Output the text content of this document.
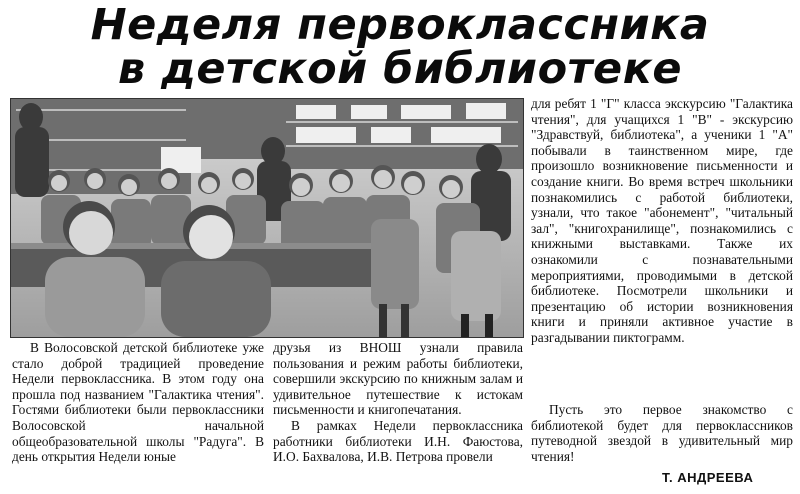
Неделя первоклассника
в детской библиотеке

для ребят 1 "Г" класса экскурсию "Галактика чтения", для учащихся 1 "В" - экскурсию "Здравствуй, библиотека", а ученики 1 "А" побывали в таинственном мире, где произошло возникновение письменности и создание книги. Во время встреч школьники познакомились с работой библиотеки, узнали, что такое "абонемент", "читальный зал", "книгохранилище", познакомились с книжными выставками. Также их ознакомили с познавательными мероприятиями, проводимыми в детской библиотеке. Посмотрели школьники и презентацию об истории возникновения книги и приняли активное участие в разгадывании пиктограмм.

Пусть это первое знакомство с библиотекой будет для первоклассников путеводной звездой в удивительный мир чтения!

В Волосовской детской библиотеке уже стало доброй традицией проведение Недели первоклассника. В этом году она прошла под названием "Галактика чтения". Гостями библиотеки были первоклассники Волосовской начальной общеобразовательной школы "Радуга". В день открытия Недели юные

друзья из ВНОШ узнали правила пользования и режим работы библиотеки, совершили экскурсию по книжным залам и удивительное путешествие к истокам письменности и книгопечатания.

В рамках Недели первоклассника работники библиотеки И.Н. Фаюстова, И.О. Бахвалова, И.В. Петрова провели

Т. АНДРЕЕВА
